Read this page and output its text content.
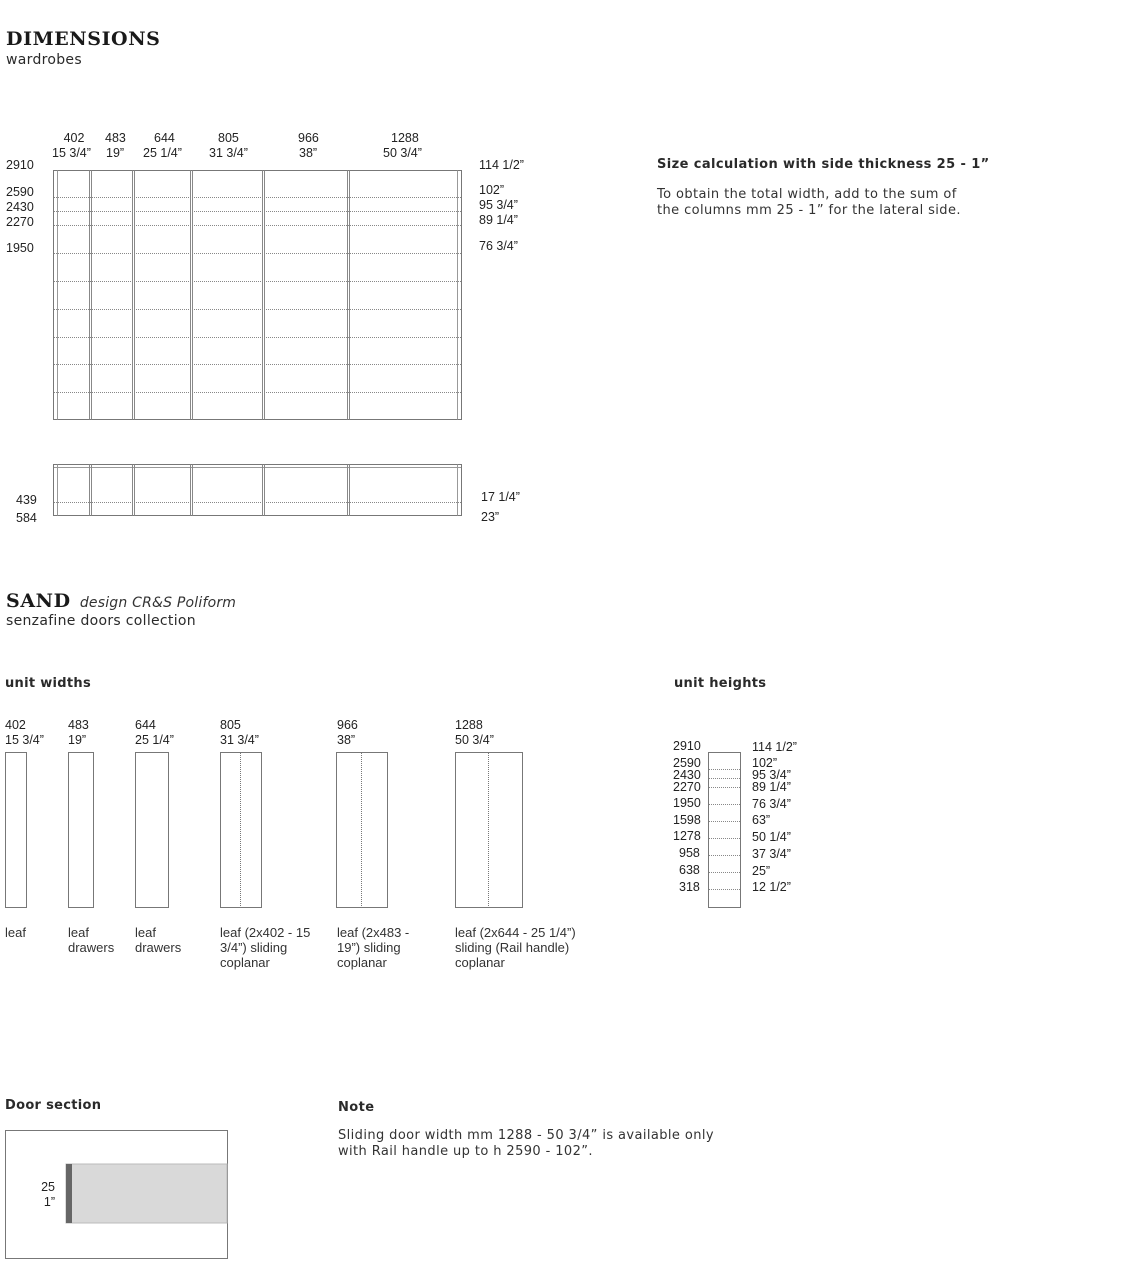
DIMENSIONS
wardrobes
402
15 3/4”
483
19”
644
25 1/4”
805
31 3/4”
966
38”
1288
50 3/4”
2910
2590
2430
2270
1950
114 1/2”
102”
95 3/4”
89 1/4”
76 3/4”
439
584
17 1/4”
23”
Size calculation with side thickness 25 - 1”
To obtain the total width, add to the sum of the columns mm 25 - 1” for the lateral side.
SAND design CR&S Poliform
senzafine doors collection
unit widths
402
15 3/4”
leaf
483
19”
leaf drawers
644
25 1/4”
leaf drawers
805
31 3/4”
leaf (2x402 - 15 3/4”) sliding coplanar
966
38”
leaf (2x483 - 19”) sliding coplanar
1288
50 3/4”
leaf (2x644 - 25 1/4”) sliding (Rail handle) coplanar
unit heights
2910
2590
2430
2270
1950
1598
1278
958
638
318
114 1/2”
102”
95 3/4”
89 1/4”
76 3/4”
63”
50 1/4”
37 3/4”
25”
12 1/2”
Door section
25
1”
Note
Sliding door width mm 1288 - 50 3/4” is available only with Rail handle up to h 2590 - 102”.
